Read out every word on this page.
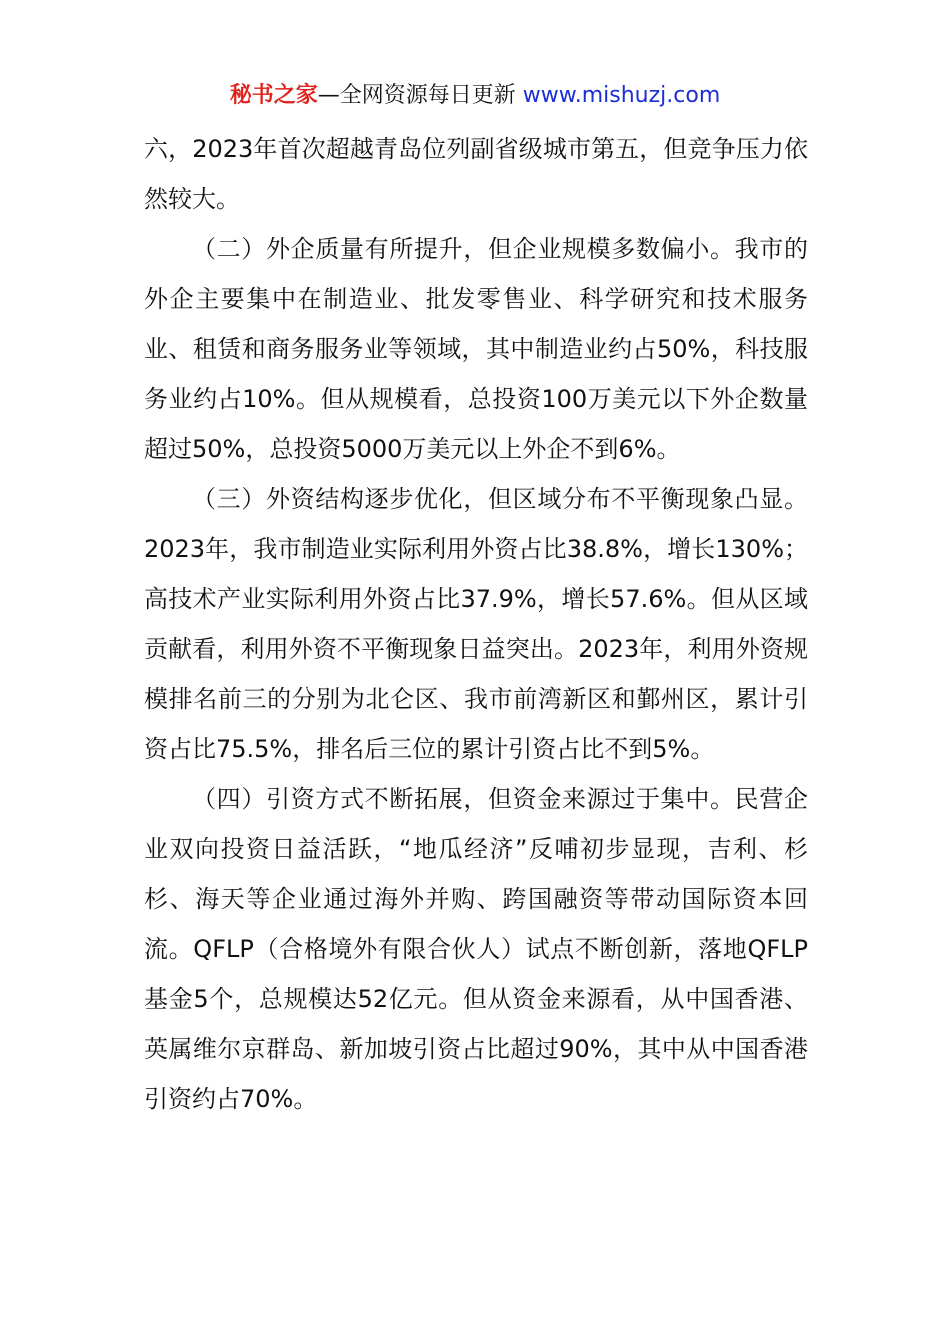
秘书之家—全网资源每日更新 www.mishuzj.com

六，2023年首次超越青岛位列副省级城市第五，但竞争压力依然较大。

（二）外企质量有所提升，但企业规模多数偏小。我市的外企主要集中在制造业、批发零售业、科学研究和技术服务业、租赁和商务服务业等领域，其中制造业约占50%，科技服务业约占10%。但从规模看，总投资100万美元以下外企数量超过50%，总投资5000万美元以上外企不到6%。

（三）外资结构逐步优化，但区域分布不平衡现象凸显。2023年，我市制造业实际利用外资占比38.8%，增长130%；高技术产业实际利用外资占比37.9%，增长57.6%。但从区域贡献看，利用外资不平衡现象日益突出。2023年，利用外资规模排名前三的分别为北仑区、我市前湾新区和鄞州区，累计引资占比75.5%，排名后三位的累计引资占比不到5%。

（四）引资方式不断拓展，但资金来源过于集中。民营企业双向投资日益活跃，“地瓜经济”反哺初步显现，吉利、杉杉、海天等企业通过海外并购、跨国融资等带动国际资本回流。QFLP（合格境外有限合伙人）试点不断创新，落地QFLP基金5个，总规模达52亿元。但从资金来源看，从中国香港、英属维尔京群岛、新加坡引资占比超过90%，其中从中国香港引资约占70%。
